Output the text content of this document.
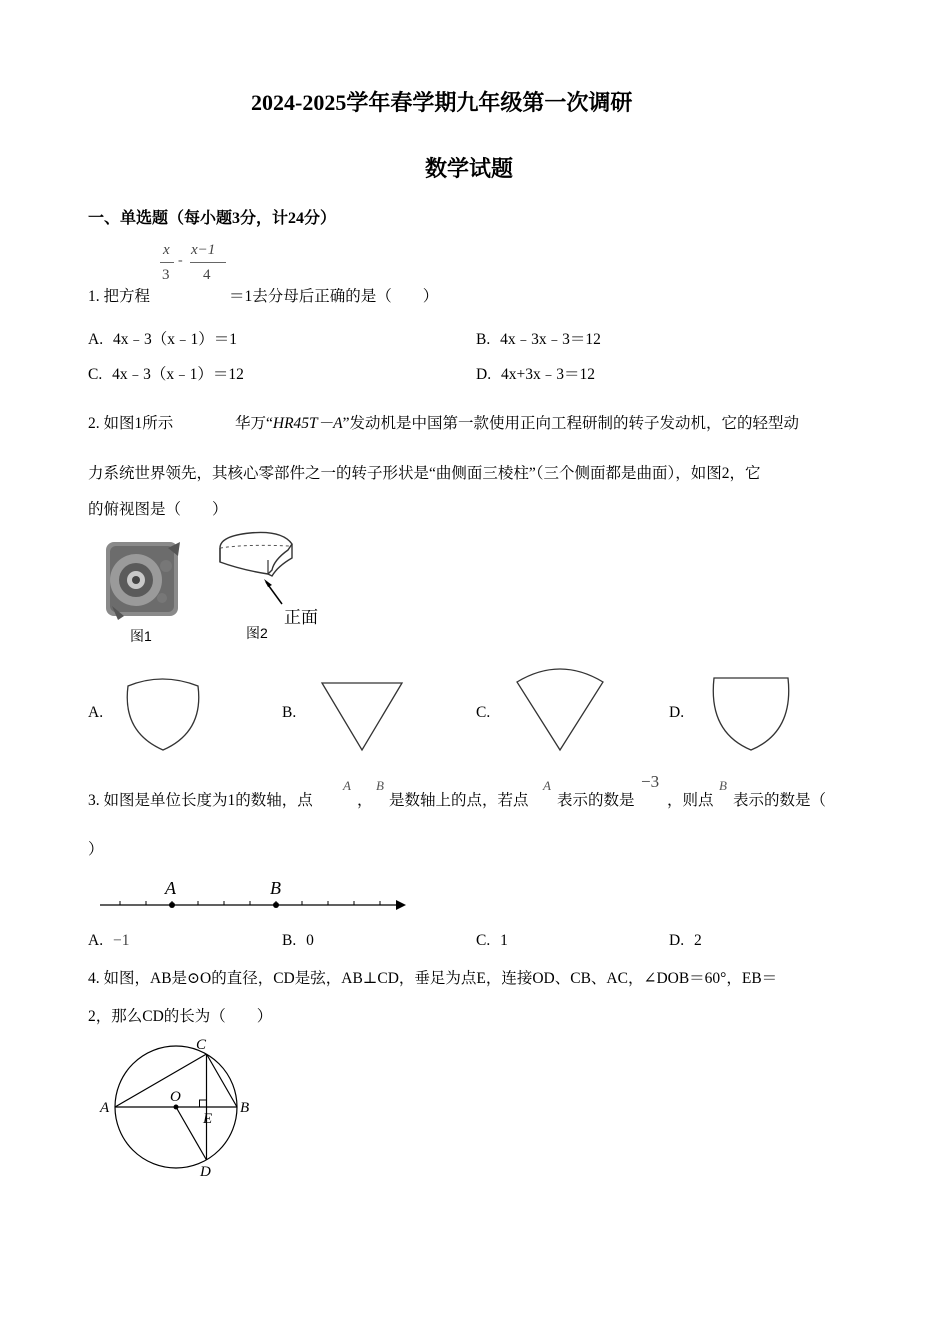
2024-2025学年春学期九年级第一次调研
数学试题
一、单选题（每小题3分，计24分）
x
3
-
x−1
4
1. 把方程	＝1去分母后正确的是（　　）
A. 4x﹣3（x﹣1）＝1	B. 4x﹣3x﹣3＝12
C. 4x﹣3（x﹣1）＝12	D. 4x+3x﹣3＝12
2. 如图1所示	华万“HR45T－A”发动机是中国第一款使用正向工程研制的转子发动机，它的轻型动
力系统世界领先，其核心零部件之一的转子形状是“曲侧面三棱柱”（三个侧面都是曲面），如图2，它
的俯视图是（　　）
图1
正面
图2
A.	B.	C.	D.
3. 如图是单位长度为1的数轴，点
A
，
B
是数轴上的点，若点
A
表示的数是
−3
，则点
B
表示的数是（
）
A	B
A. −1	B. 0	C. 1	D. 2
4. 如图，AB是⊙O的直径，CD是弦，AB⊥CD，垂足为点E，连接OD、CB、AC，∠DOB＝60°，EB＝
2，那么CD的长为（　　）
C
A	B
O
E
D
